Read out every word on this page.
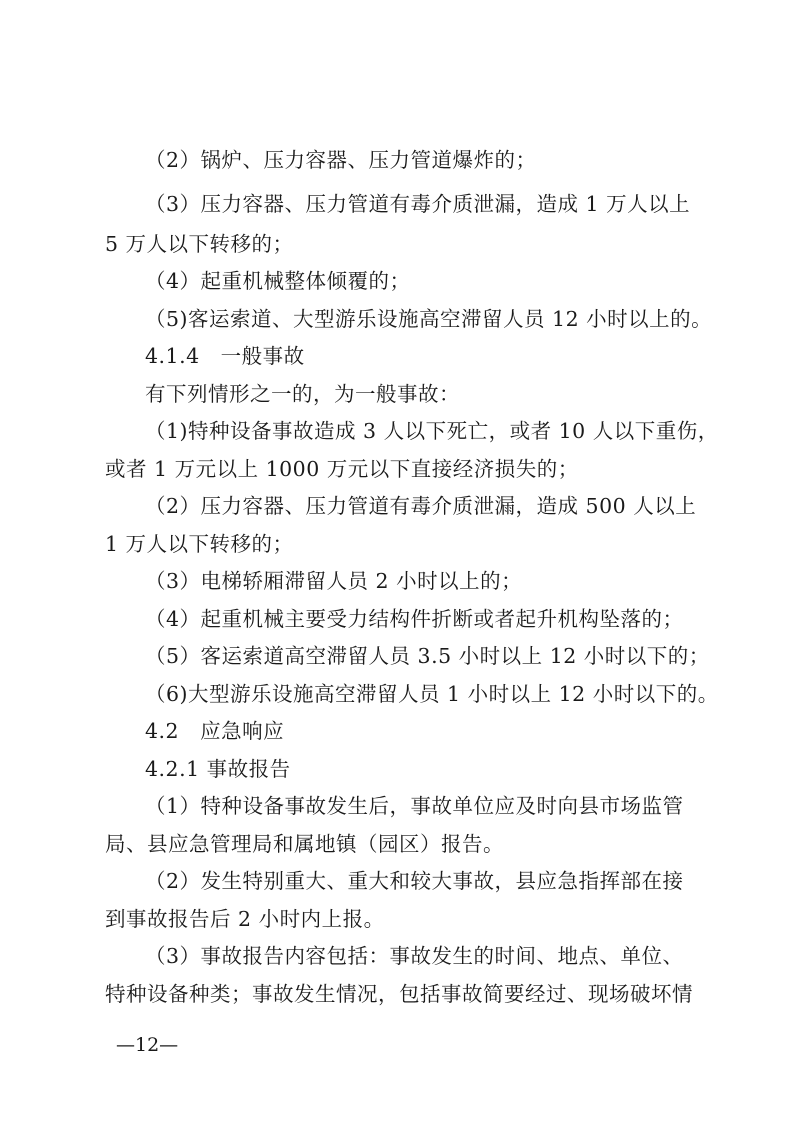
（2）锅炉、压力容器、压力管道爆炸的；
（3）压力容器、压力管道有毒介质泄漏，造成 1 万人以上
5 万人以下转移的；
（4）起重机械整体倾覆的；
（5)客运索道、大型游乐设施高空滞留人员 12 小时以上的。
4.1.4　一般事故
有下列情形之一的，为一般事故：
（1)特种设备事故造成 3 人以下死亡，或者 10 人以下重伤，
或者 1 万元以上 1000 万元以下直接经济损失的；
（2）压力容器、压力管道有毒介质泄漏，造成 500 人以上
1 万人以下转移的；
（3）电梯轿厢滞留人员 2 小时以上的；
（4）起重机械主要受力结构件折断或者起升机构坠落的；
（5）客运索道高空滞留人员 3.5 小时以上 12 小时以下的；
（6)大型游乐设施高空滞留人员 1 小时以上 12 小时以下的。
4.2　应急响应
4.2.1 事故报告
（1）特种设备事故发生后，事故单位应及时向县市场监管
局、县应急管理局和属地镇（园区）报告。
（2）发生特别重大、重大和较大事故，县应急指挥部在接
到事故报告后 2 小时内上报。
（3）事故报告内容包括：事故发生的时间、地点、单位、
特种设备种类；事故发生情况，包括事故简要经过、现场破坏情
—12—
